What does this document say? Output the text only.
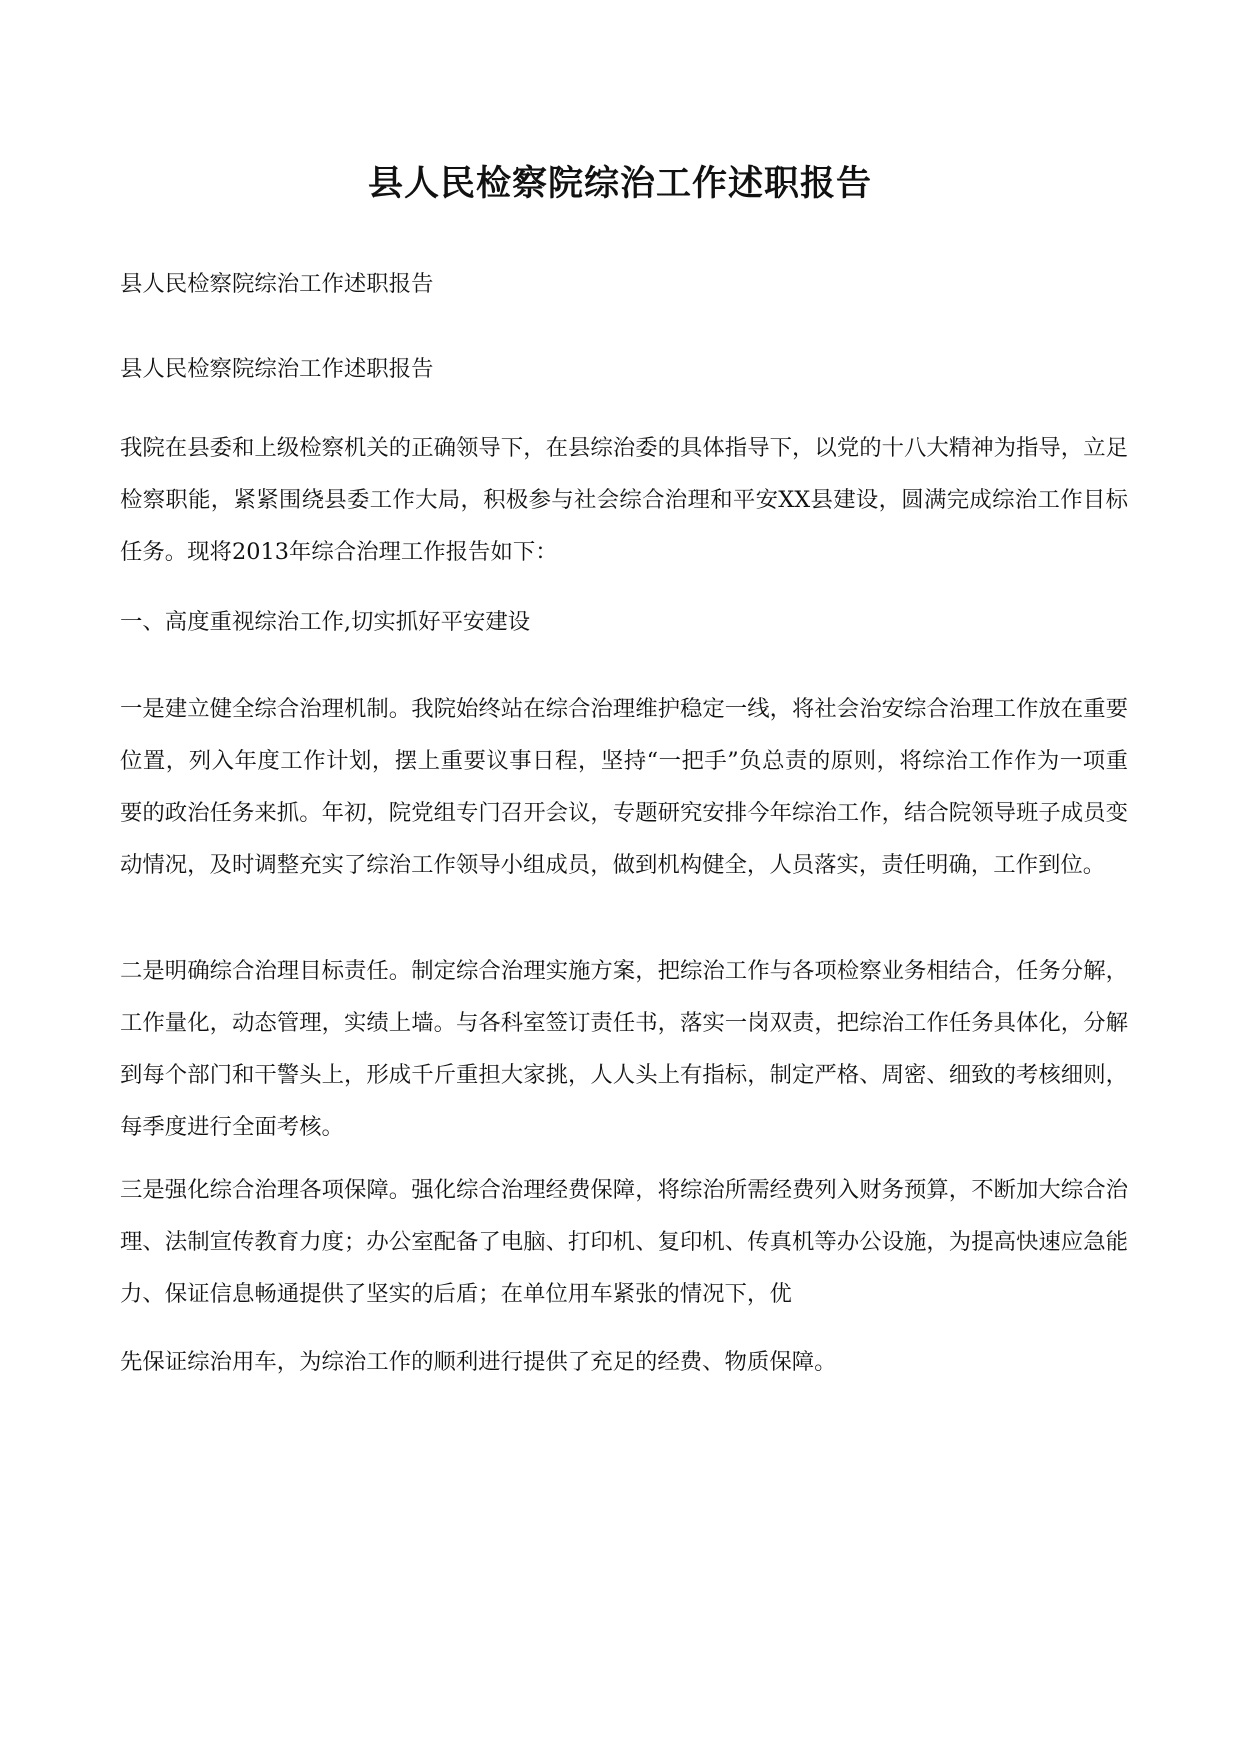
县人民检察院综治工作述职报告

县人民检察院综治工作述职报告

县人民检察院综治工作述职报告

我院在县委和上级检察机关的正确领导下，在县综治委的具体指导下，以党的十八大精神为指导，立足检察职能，紧紧围绕县委工作大局，积极参与社会综合治理和平安XX县建设，圆满完成综治工作目标任务。现将2013年综合治理工作报告如下：

一、高度重视综治工作,切实抓好平安建设

一是建立健全综合治理机制。我院始终站在综合治理维护稳定一线，将社会治安综合治理工作放在重要位置，列入年度工作计划，摆上重要议事日程，坚持“一把手”负总责的原则，将综治工作作为一项重要的政治任务来抓。年初，院党组专门召开会议，专题研究安排今年综治工作，结合院领导班子成员变动情况，及时调整充实了综治工作领导小组成员，做到机构健全，人员落实，责任明确，工作到位。

二是明确综合治理目标责任。制定综合治理实施方案，把综治工作与各项检察业务相结合，任务分解，工作量化，动态管理，实绩上墙。与各科室签订责任书，落实一岗双责，把综治工作任务具体化，分解到每个部门和干警头上，形成千斤重担大家挑，人人头上有指标，制定严格、周密、细致的考核细则，每季度进行全面考核。

三是强化综合治理各项保障。强化综合治理经费保障，将综治所需经费列入财务预算，不断加大综合治理、法制宣传教育力度；办公室配备了电脑、打印机、复印机、传真机等办公设施，为提高快速应急能力、保证信息畅通提供了坚实的后盾；在单位用车紧张的情况下，优

先保证综治用车，为综治工作的顺利进行提供了充足的经费、物质保障。
